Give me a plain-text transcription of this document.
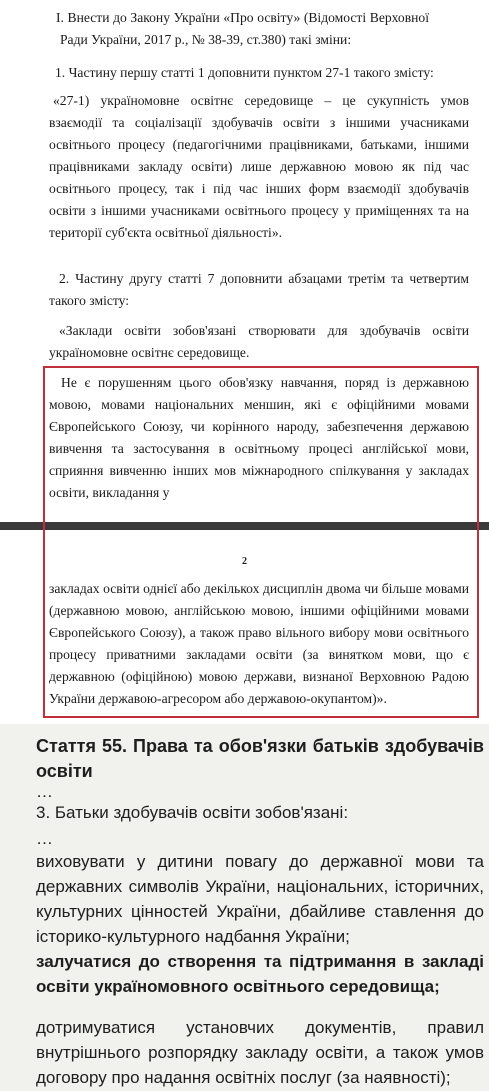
І. Внести до Закону України «Про освіту» (Відомості Верховної Ради України, 2017 р., № 38-39, ст.380) такі зміни:

1. Частину першу статті 1 доповнити пунктом 27-1 такого змісту:

«27-1) україномовне освітнє середовище – це сукупність умов взаємодії та соціалізації здобувачів освіти з іншими учасниками освітнього процесу (педагогічними працівниками, батьками, іншими працівниками закладу освіти) лише державною мовою як під час освітнього процесу, так і під час інших форм взаємодії здобувачів освіти з іншими учасниками освітнього процесу у приміщеннях та на території суб'єкта освітньої діяльності».

2. Частину другу статті 7 доповнити абзацами третім та четвертим такого змісту:

«Заклади освіти зобов'язані створювати для здобувачів освіти україномовне освітнє середовище.

Не є порушенням цього обов'язку навчання, поряд із державною мовою, мовами національних меншин, які є офіційними мовами Європейського Союзу, чи корінного народу, забезпечення державою вивчення та застосування в освітньому процесі англійської мови, сприяння вивченню інших мов міжнародного спілкування у закладах освіти, викладання у

2

закладах освіти однієї або декількох дисциплін двома чи більше мовами (державною мовою, англійською мовою, іншими офіційними мовами Європейського Союзу), а також право вільного вибору мови освітнього процесу приватними закладами освіти (за винятком мови, що є державною (офіційною) мовою держави, визнаної Верховною Радою України державою-агресором або державою-окупантом)».

Стаття 55. Права та обов'язки батьків здобувачів освіти

…

3. Батьки здобувачів освіти зобов'язані:

…

виховувати у дитини повагу до державної мови та державних символів України, національних, історичних, культурних цінностей України, дбайливе ставлення до історико-культурного надбання України;

залучатися до створення та підтримання в закладі освіти україномовного освітнього середовища;

дотримуватися установчих документів, правил внутрішнього розпорядку закладу освіти, а також умов договору про надання освітніх послуг (за наявності);
